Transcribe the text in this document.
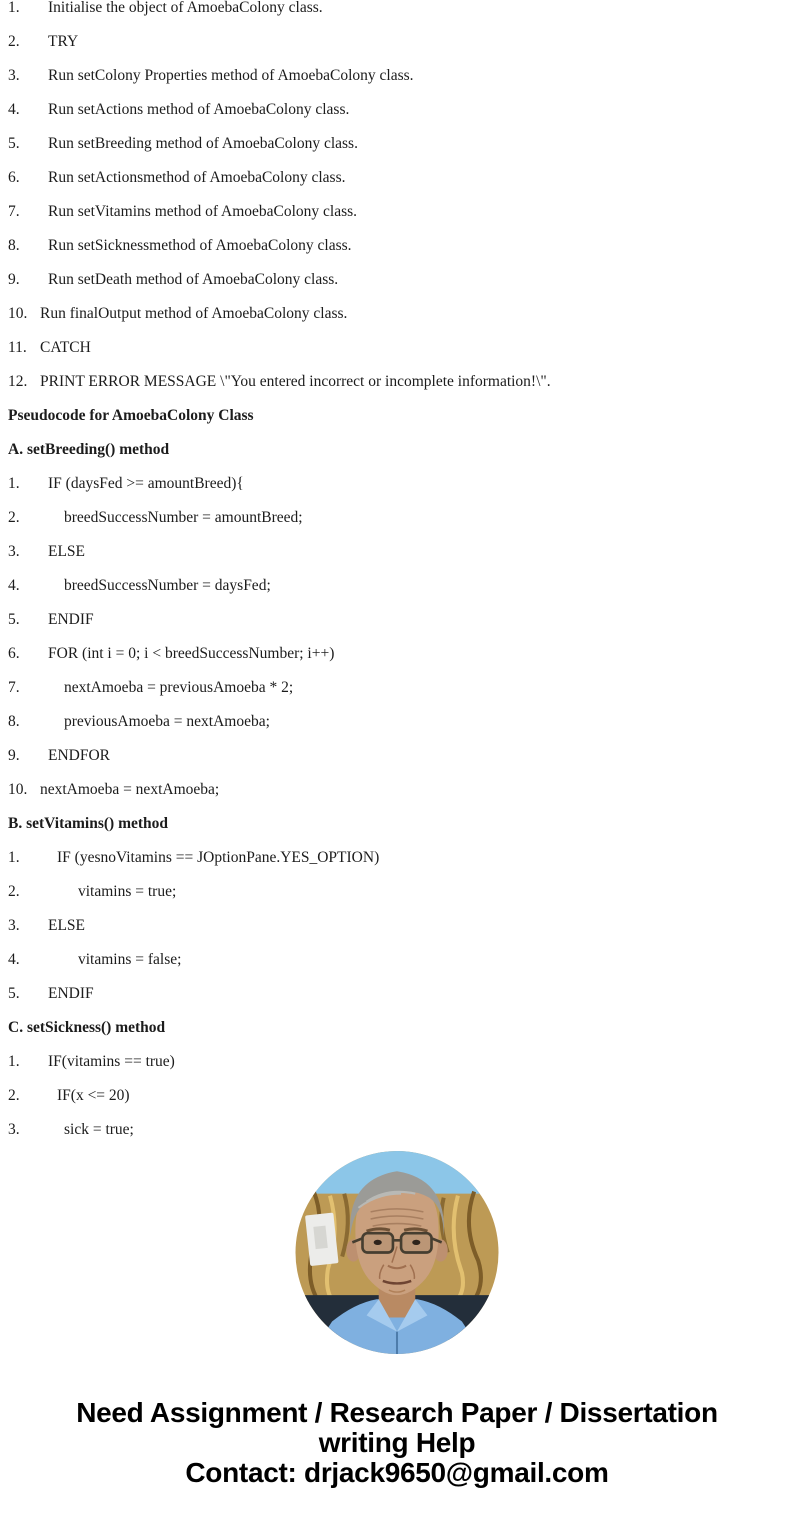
1. Initialise the object of AmoebaColony class.
2. TRY
3. Run setColony Properties method of AmoebaColony class.
4. Run setActions method of AmoebaColony class.
5. Run setBreeding method of AmoebaColony class.
6. Run setActionsmethod of AmoebaColony class.
7. Run setVitamins method of AmoebaColony class.
8. Run setSicknessmethod of AmoebaColony class.
9. Run setDeath method of AmoebaColony class.
10. Run finalOutput method of AmoebaColony class.
11. CATCH
12. PRINT ERROR MESSAGE \"You entered incorrect or incomplete information!\".
Pseudocode for AmoebaColony Class
A. setBreeding() method
1. IF (daysFed >= amountBreed){
2.	breedSuccessNumber = amountBreed;
3. ELSE
4.	breedSuccessNumber = daysFed;
5. ENDIF
6. FOR (int i = 0; i < breedSuccessNumber; i++)
7.	nextAmoeba = previousAmoeba * 2;
8.	previousAmoeba = nextAmoeba;
9. ENDFOR
10. nextAmoeba = nextAmoeba;
B. setVitamins() method
1. IF (yesnoVitamins == JOptionPane.YES_OPTION)
2.	vitamins = true;
3. ELSE
4.	vitamins = false;
5. ENDIF
C. setSickness() method
1. IF(vitamins == true)
2. IF(x <= 20)
3.	sick = true;
Need Assignment / Research Paper / Dissertation
writing Help
Contact: drjack9650@gmail.com
